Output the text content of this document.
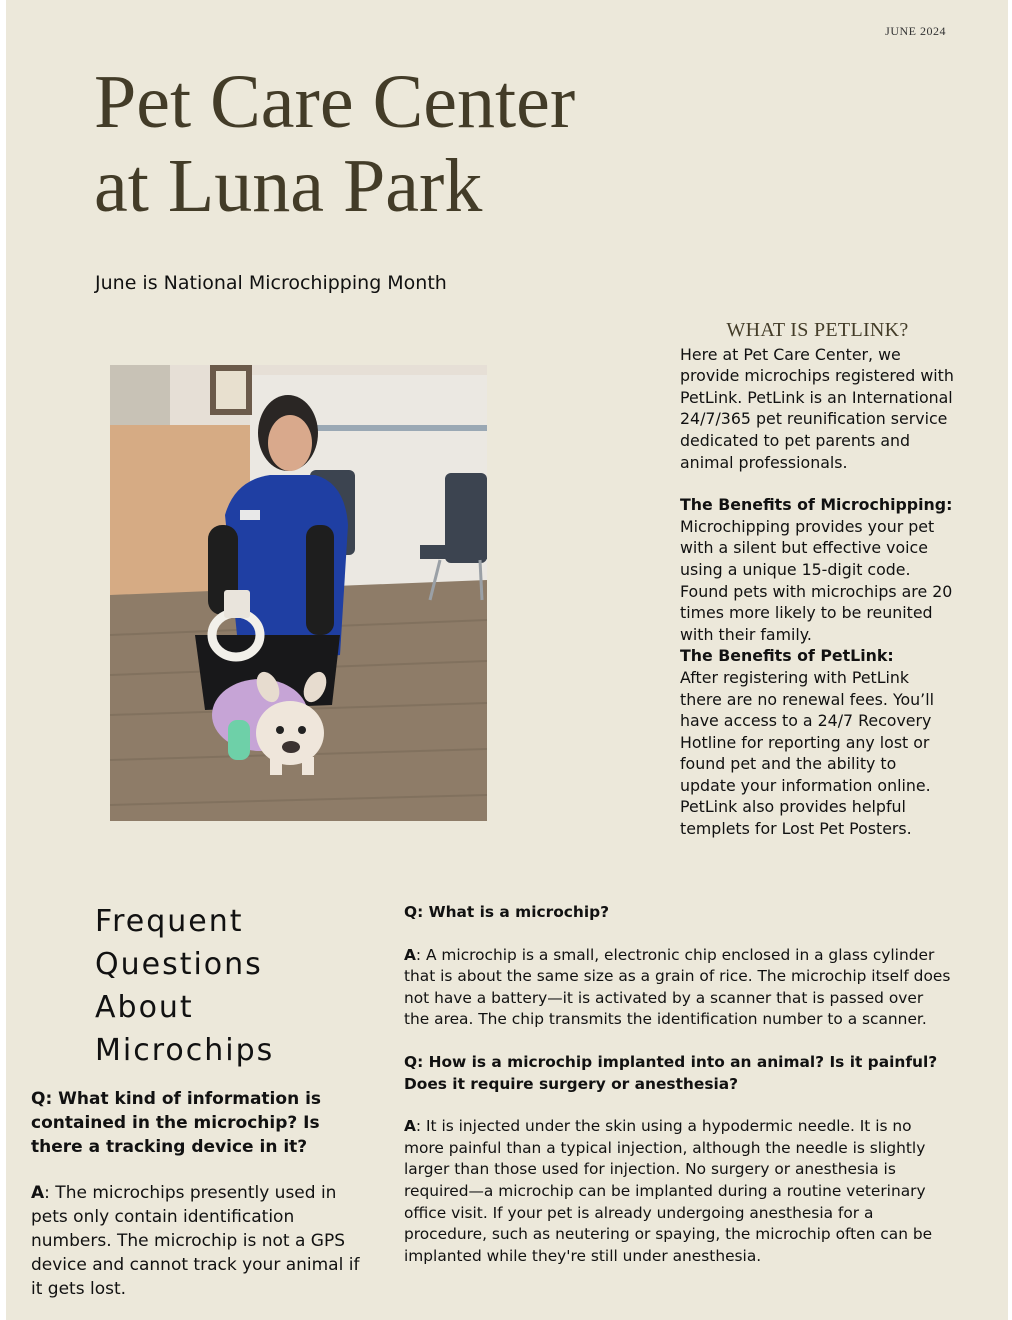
JUNE 2024
Pet Care Center
at Luna Park
June is National Microchipping Month
WHAT IS PETLINK?

Here at Pet Care Center, we provide microchips registered with PetLink. PetLink is an International 24/7/365 pet reunification service dedicated to pet parents and animal professionals.

The Benefits of Microchipping:

Microchipping provides your pet with a silent but effective voice using a unique 15-digit code. Found pets with microchips are 20 times more likely to be reunited with their family.

The Benefits of PetLink:

After registering with PetLink there are no renewal fees. You’ll have access to a 24/7 Recovery Hotline for reporting any lost or found pet and the ability to update your information online. PetLink also provides helpful templets for Lost Pet Posters.

Frequent
Questions
About
Microchips

Q: What kind of information is contained in the microchip? Is there a tracking device in it?

A: The microchips presently used in pets only contain identification numbers. The microchip is not a GPS device and cannot track your animal if it gets lost.

Q: What is a microchip?

A: A microchip is a small, electronic chip enclosed in a glass cylinder that is about the same size as a grain of rice. The microchip itself does not have a battery—it is activated by a scanner that is passed over the area. The chip transmits the identification number to a scanner.

Q: How is a microchip implanted into an animal? Is it painful? Does it require surgery or anesthesia?

A: It is injected under the skin using a hypodermic needle. It is no more painful than a typical injection, although the needle is slightly larger than those used for injection. No surgery or anesthesia is required—a microchip can be implanted during a routine veterinary office visit. If your pet is already undergoing anesthesia for a procedure, such as neutering or spaying, the microchip often can be implanted while they're still under anesthesia.
